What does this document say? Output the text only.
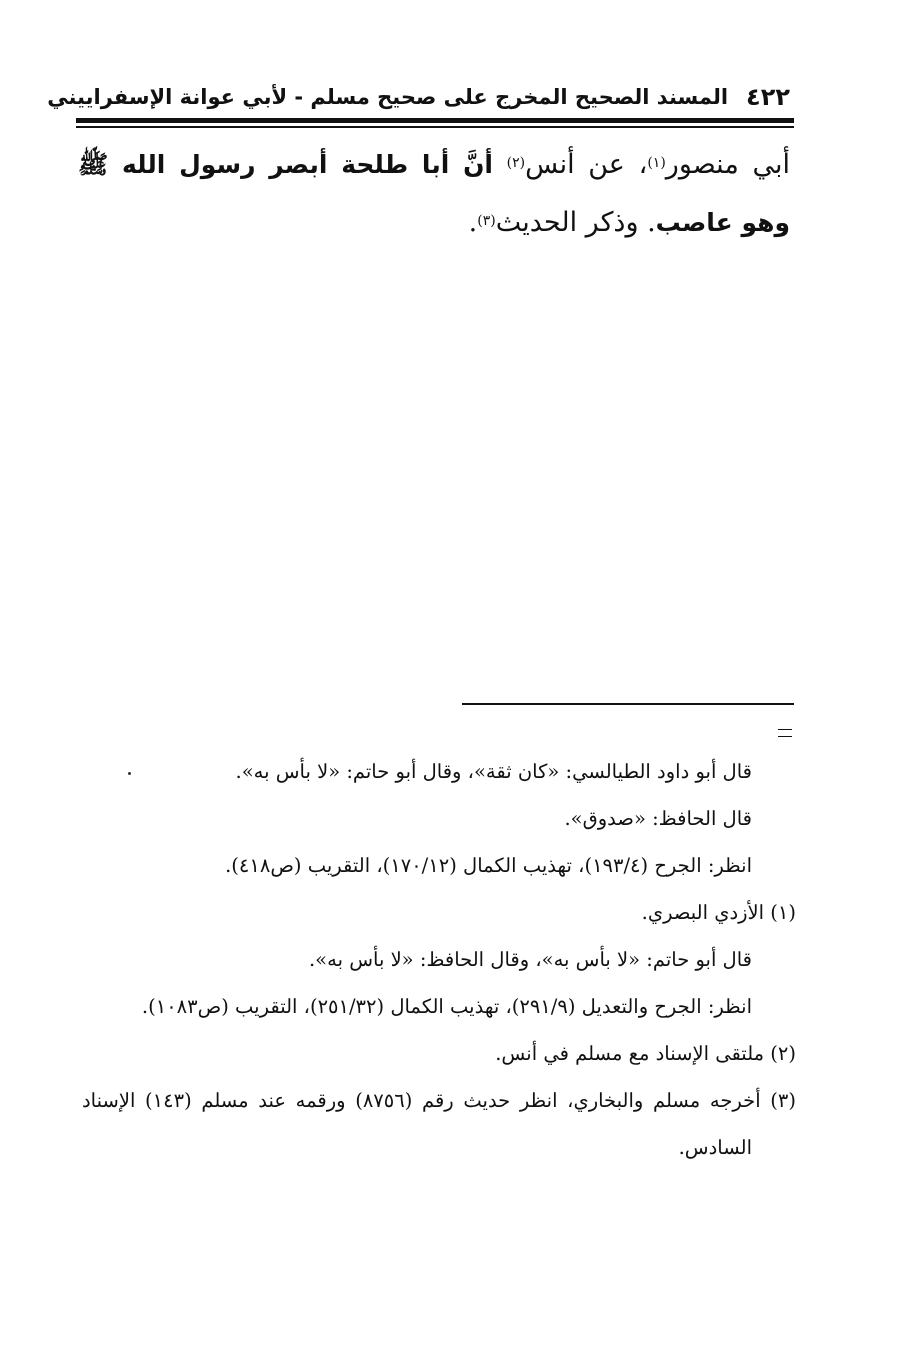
٤٢٢
المسند الصحيح المخرج على صحيح مسلم - لأبي عوانة الإسفراييني
أبي منصور$^{(١)}$، عن أنس$^{(٢)}$ أنَّ أبا طلحة أبصر رسول الله ﷺ وهو عاصب. وذكر الحديث$^{(٣)}$.
قال أبو داود الطيالسي: «كان ثقة»، وقال أبو حاتم: «لا بأس به».
قال الحافظ: «صدوق».
انظر: الجرح (١٩٣/٤)، تهذيب الكمال (١٧٠/١٢)، التقريب (ص٤١٨).
(١) الأزدي البصري.
قال أبو حاتم: «لا بأس به»، وقال الحافظ: «لا بأس به».
انظر: الجرح والتعديل (٢٩١/٩)، تهذيب الكمال (٢٥١/٣٢)، التقريب (ص١٠٨٣).
(٢) ملتقى الإسناد مع مسلم في أنس.
(٣) أخرجه مسلم والبخاري، انظر حديث رقم (٨٧٥٦) ورقمه عند مسلم (١٤٣) الإسناد السادس.
